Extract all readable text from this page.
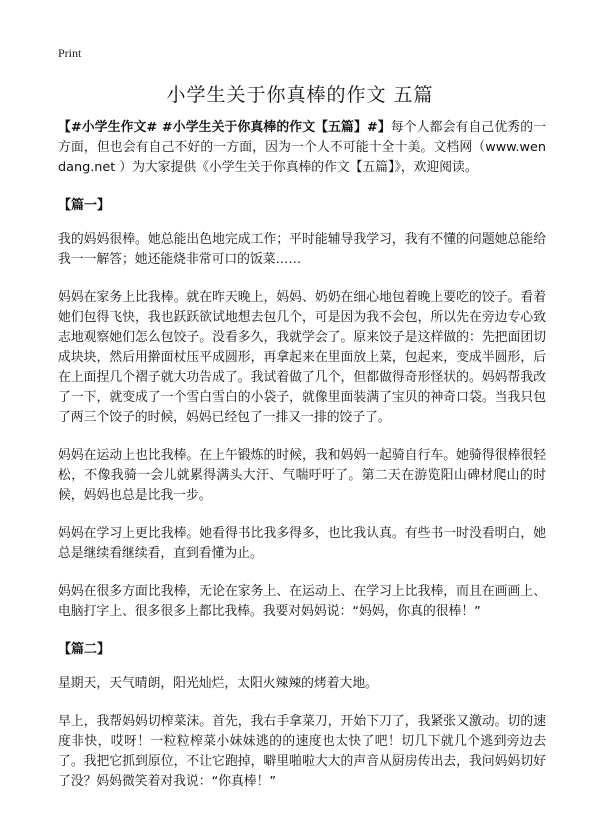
Print
小学生关于你真棒的作文 五篇

【#小学生作文# #小学生关于你真棒的作文【五篇】#】每个人都会有自己优秀的一方面，但也会有自己不好的一方面，因为一个人不可能十全十美。文档网（www.wendang.net ）为大家提供《小学生关于你真棒的作文【五篇】》，欢迎阅读。

【篇一】

我的妈妈很棒。她总能出色地完成工作；平时能辅导我学习，我有不懂的问题她总能给我一一解答；她还能烧非常可口的饭菜……

妈妈在家务上比我棒。就在昨天晚上，妈妈、奶奶在细心地包着晚上要吃的饺子。看着她们包得飞快，我也跃跃欲试地想去包几个，可是因为我不会包，所以先在旁边专心致志地观察她们怎么包饺子。没看多久，我就学会了。原来饺子是这样做的：先把面团切成块块，然后用擀面杖压平成圆形，再拿起来在里面放上菜，包起来，变成半圆形，后在上面捏几个褶子就大功告成了。我试着做了几个，但都做得奇形怪状的。妈妈帮我改了一下，就变成了一个雪白雪白的小袋子，就像里面装满了宝贝的神奇口袋。当我只包了两三个饺子的时候，妈妈已经包了一排又一排的饺子了。

妈妈在运动上也比我棒。在上午锻炼的时候，我和妈妈一起骑自行车。她骑得很棒很轻松，不像我骑一会儿就累得满头大汗、气喘吁吁了。第二天在游览阳山碑材爬山的时候，妈妈也总是比我一步。

妈妈在学习上更比我棒。她看得书比我多得多，也比我认真。有些书一时没看明白，她总是继续看继续看，直到看懂为止。

妈妈在很多方面比我棒，无论在家务上、在运动上、在学习上比我棒，而且在画画上、电脑打字上、很多很多上都比我棒。我要对妈妈说：“妈妈，你真的很棒！”

【篇二】

星期天，天气晴朗，阳光灿烂，太阳火辣辣的烤着大地。

早上，我帮妈妈切榨菜沫。首先，我右手拿菜刀，开始下刀了，我紧张又激动。切的速度非快，哎呀！一粒粒榨菜小妹妹逃的的速度也太快了吧！切几下就几个逃到旁边去了。我把它抓到原位，不让它跑掉，噼里啪啦大大的声音从厨房传出去，我问妈妈切好了没？妈妈微笑着对我说：“你真棒！”
